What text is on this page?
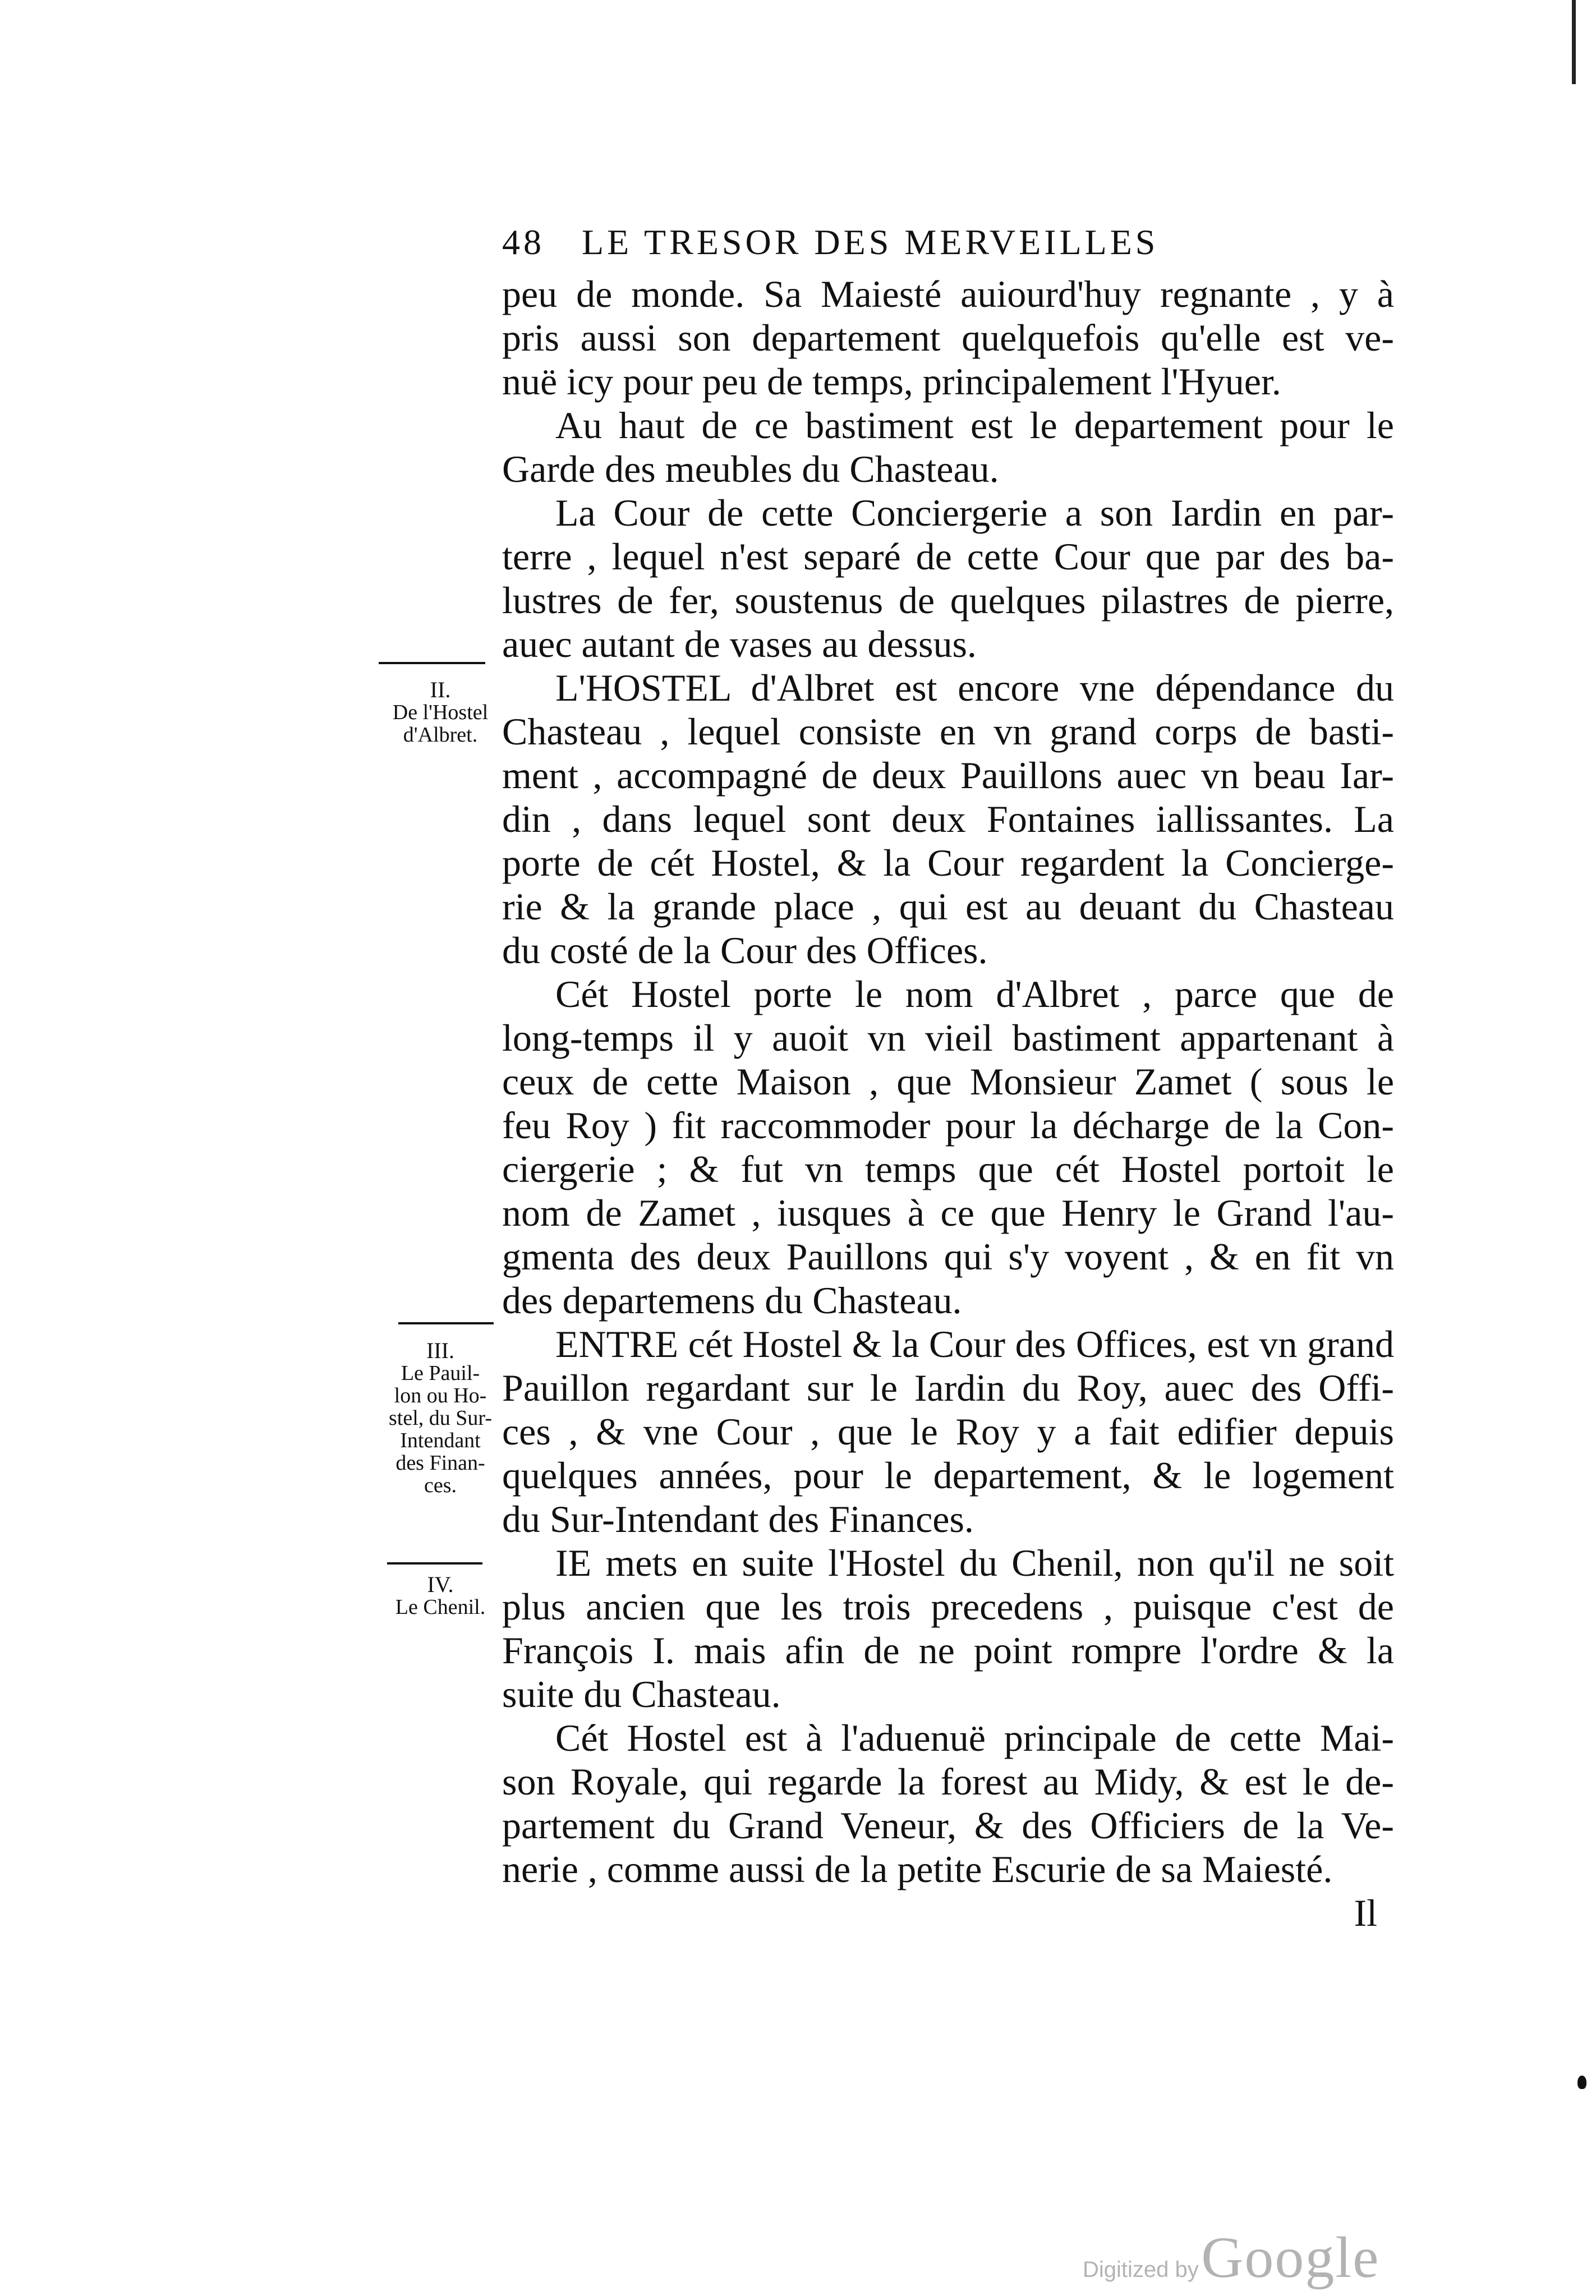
48 LE TRESOR DES MERVEILLES
peu de monde. Sa Maiesté auiourd'huy regnante , y à
pris aussi son departement quelquefois qu'elle est ve-
nuë icy pour peu de temps, principalement l'Hyuer.
Au haut de ce bastiment est le departement pour le
Garde des meubles du Chasteau.
La Cour de cette Conciergerie a son Iardin en par-
terre , lequel n'est separé de cette Cour que par des ba-
lustres de fer, soustenus de quelques pilastres de pierre,
auec autant de vases au dessus.
L'HOSTEL d'Albret est encore vne dépendance du
Chasteau , lequel consiste en vn grand corps de basti-
ment , accompagné de deux Pauillons auec vn beau Iar-
din , dans lequel sont deux Fontaines iallissantes. La
porte de cét Hostel, & la Cour regardent la Concierge-
rie & la grande place , qui est au deuant du Chasteau
du costé de la Cour des Offices.
Cét Hostel porte le nom d'Albret , parce que de
long-temps il y auoit vn vieil bastiment appartenant à
ceux de cette Maison , que Monsieur Zamet ( sous le
feu Roy ) fit raccommoder pour la décharge de la Con-
ciergerie ; & fut vn temps que cét Hostel portoit le
nom de Zamet , iusques à ce que Henry le Grand l'au-
gmenta des deux Pauillons qui s'y voyent , & en fit vn
des departemens du Chasteau.
ENTRE cét Hostel & la Cour des Offices, est vn grand
Pauillon regardant sur le Iardin du Roy, auec des Offi-
ces , & vne Cour , que le Roy y a fait edifier depuis
quelques années, pour le departement, & le logement
du Sur-Intendant des Finances.
IE mets en suite l'Hostel du Chenil, non qu'il ne soit
plus ancien que les trois precedens , puisque c'est de
François I. mais afin de ne point rompre l'ordre & la
suite du Chasteau.
Cét Hostel est à l'aduenuë principale de cette Mai-
son Royale, qui regarde la forest au Midy, & est le de-
partement du Grand Veneur, & des Officiers de la Ve-
nerie , comme aussi de la petite Escurie de sa Maiesté.
Il
II.
De l'Hostel
d'Albret.
III.
Le Pauil-
lon ou Ho-
stel, du Sur-
Intendant
des Finan-
ces.
IV.
Le Chenil.
Digitized by Google
